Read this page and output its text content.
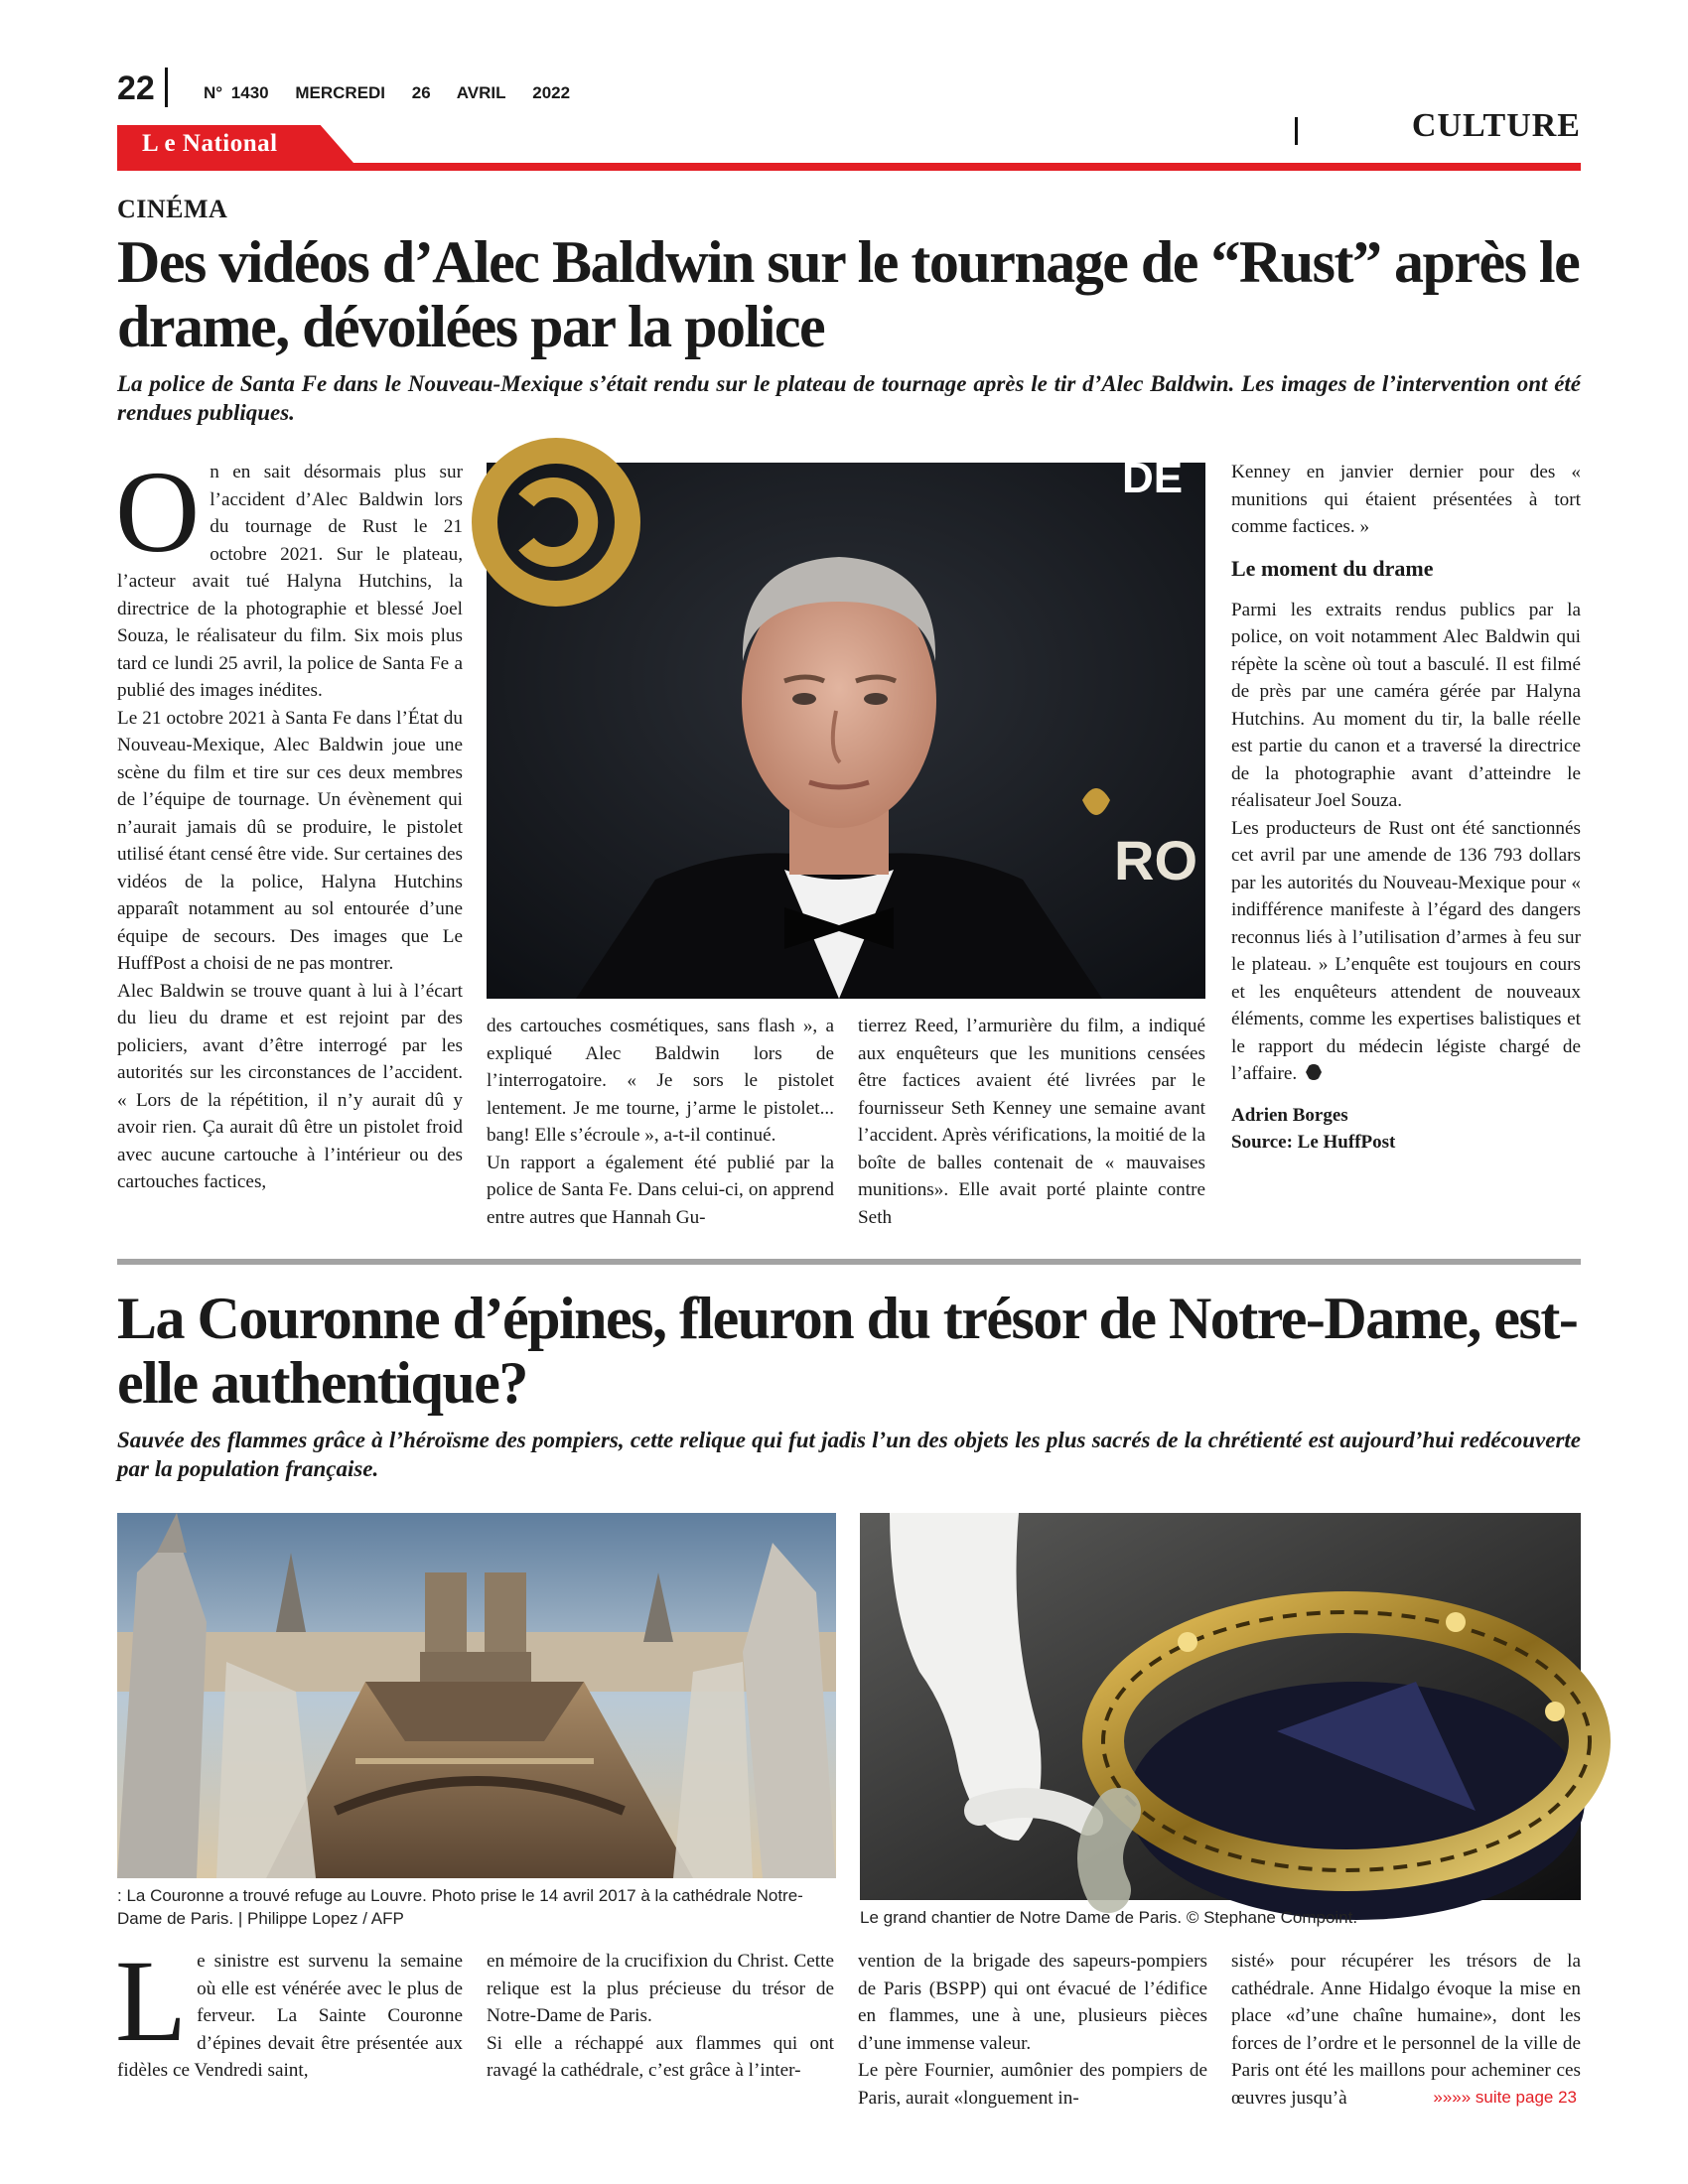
22	N° 1430 MERCREDI 26 AVRIL 2022
L e National	CULTURE
CINÉMA
Des vidéos d’Alec Baldwin sur le tournage de “Rust” après le drame, dévoilées par la police
La police de Santa Fe dans le Nouveau-Mexique s’était rendu sur le plateau de tournage après le tir d’Alec Baldwin. Les images de l’intervention ont été rendues publiques.
O n en sait désormais plus sur l’accident d’Alec Baldwin lors du tournage de Rust le 21 octobre 2021. Sur le plateau, l’acteur avait tué Halyna Hutchins, la directrice de la photographie et blessé Joel Souza, le réalisateur du film. Six mois plus tard ce lundi 25 avril, la police de Santa Fe a publié des images inédites.

Le 21 octobre 2021 à Santa Fe dans l’État du Nouveau-Mexique, Alec Baldwin joue une scène du film et tire sur ces deux membres de l’équipe de tournage. Un évènement qui n’aurait jamais dû se produire, le pistolet utilisé étant censé être vide. Sur certaines des vidéos de la police, Halyna Hutchins apparaît notamment au sol entourée d’une équipe de secours. Des images que Le HuffPost a choisi de ne pas montrer.

Alec Baldwin se trouve quant à lui à l’écart du lieu du drame et est rejoint par des policiers, avant d’être interrogé par les autorités sur les circonstances de l’accident. « Lors de la répétition, il n’y aurait dû y avoir rien. Ça aurait dû être un pistolet froid avec aucune cartouche à l’intérieur ou des cartouches factices,

DE
RO

des cartouches cosmétiques, sans flash », a expliqué Alec Baldwin lors de l’interrogatoire. « Je sors le pistolet lentement. Je me tourne, j’arme le pistolet... bang! Elle s’écroule », a-t-il continué.

Un rapport a également été publié par la police de Santa Fe. Dans celui-ci, on apprend entre autres que Hannah Gu-

tierrez Reed, l’armurière du film, a indiqué aux enquêteurs que les munitions censées être factices avaient été livrées par le fournisseur Seth Kenney une semaine avant l’accident. Après vérifications, la moitié de la boîte de balles contenait de « mauvaises munitions». Elle avait porté plainte contre Seth

Kenney en janvier dernier pour des « munitions qui étaient présentées à tort comme factices. »

Le moment du drame

Parmi les extraits rendus publics par la police, on voit notamment Alec Baldwin qui répète la scène où tout a basculé. Il est filmé de près par une caméra gérée par Halyna Hutchins. Au moment du tir, la balle réelle est partie du canon et a traversé la directrice de la photographie avant d’atteindre le réalisateur Joel Souza.

Les producteurs de Rust ont été sanctionnés cet avril par une amende de 136 793 dollars par les autorités du Nouveau-Mexique pour « indifférence manifeste à l’égard des dangers reconnus liés à l’utilisation d’armes à feu sur le plateau. » L’enquête est toujours en cours et les enquêteurs attendent de nouveaux éléments, comme les expertises balistiques et le rapport du médecin légiste chargé de l’affaire.

Adrien Borges
Source: Le HuffPost
La Couronne d’épines, fleuron du trésor de Notre-Dame, est-elle authentique?
Sauvée des flammes grâce à l’héroïsme des pompiers, cette relique qui fut jadis l’un des objets les plus sacrés de la chrétienté est aujourd’hui redécouverte par la population française.
: La Couronne a trouvé refuge au Louvre. Photo prise le 14 avril 2017 à la cathédrale Notre-Dame de Paris. | Philippe Lopez / AFP	Le grand chantier de Notre Dame de Paris. © Stephane Compoint.
L e sinistre est survenu la semaine où elle est vénérée avec le plus de ferveur. La Sainte Couronne d’épines devait être présentée aux fidèles ce Vendredi saint,

en mémoire de la crucifixion du Christ. Cette relique est la plus précieuse du trésor de Notre-Dame de Paris.

Si elle a réchappé aux flammes qui ont ravagé la cathédrale, c’est grâce à l’inter-

vention de la brigade des sapeurs-pompiers de Paris (BSPP) qui ont évacué de l’édifice en flammes, une à une, plusieurs pièces d’une immense valeur.

Le père Fournier, aumônier des pompiers de Paris, aurait «longuement in-

sisté» pour récupérer les trésors de la cathédrale. Anne Hidalgo évoque la mise en place «d’une chaîne humaine», dont les forces de l’ordre et le personnel de la ville de Paris ont été les maillons pour acheminer ces œuvres jusqu’à	»»»» suite page 23
